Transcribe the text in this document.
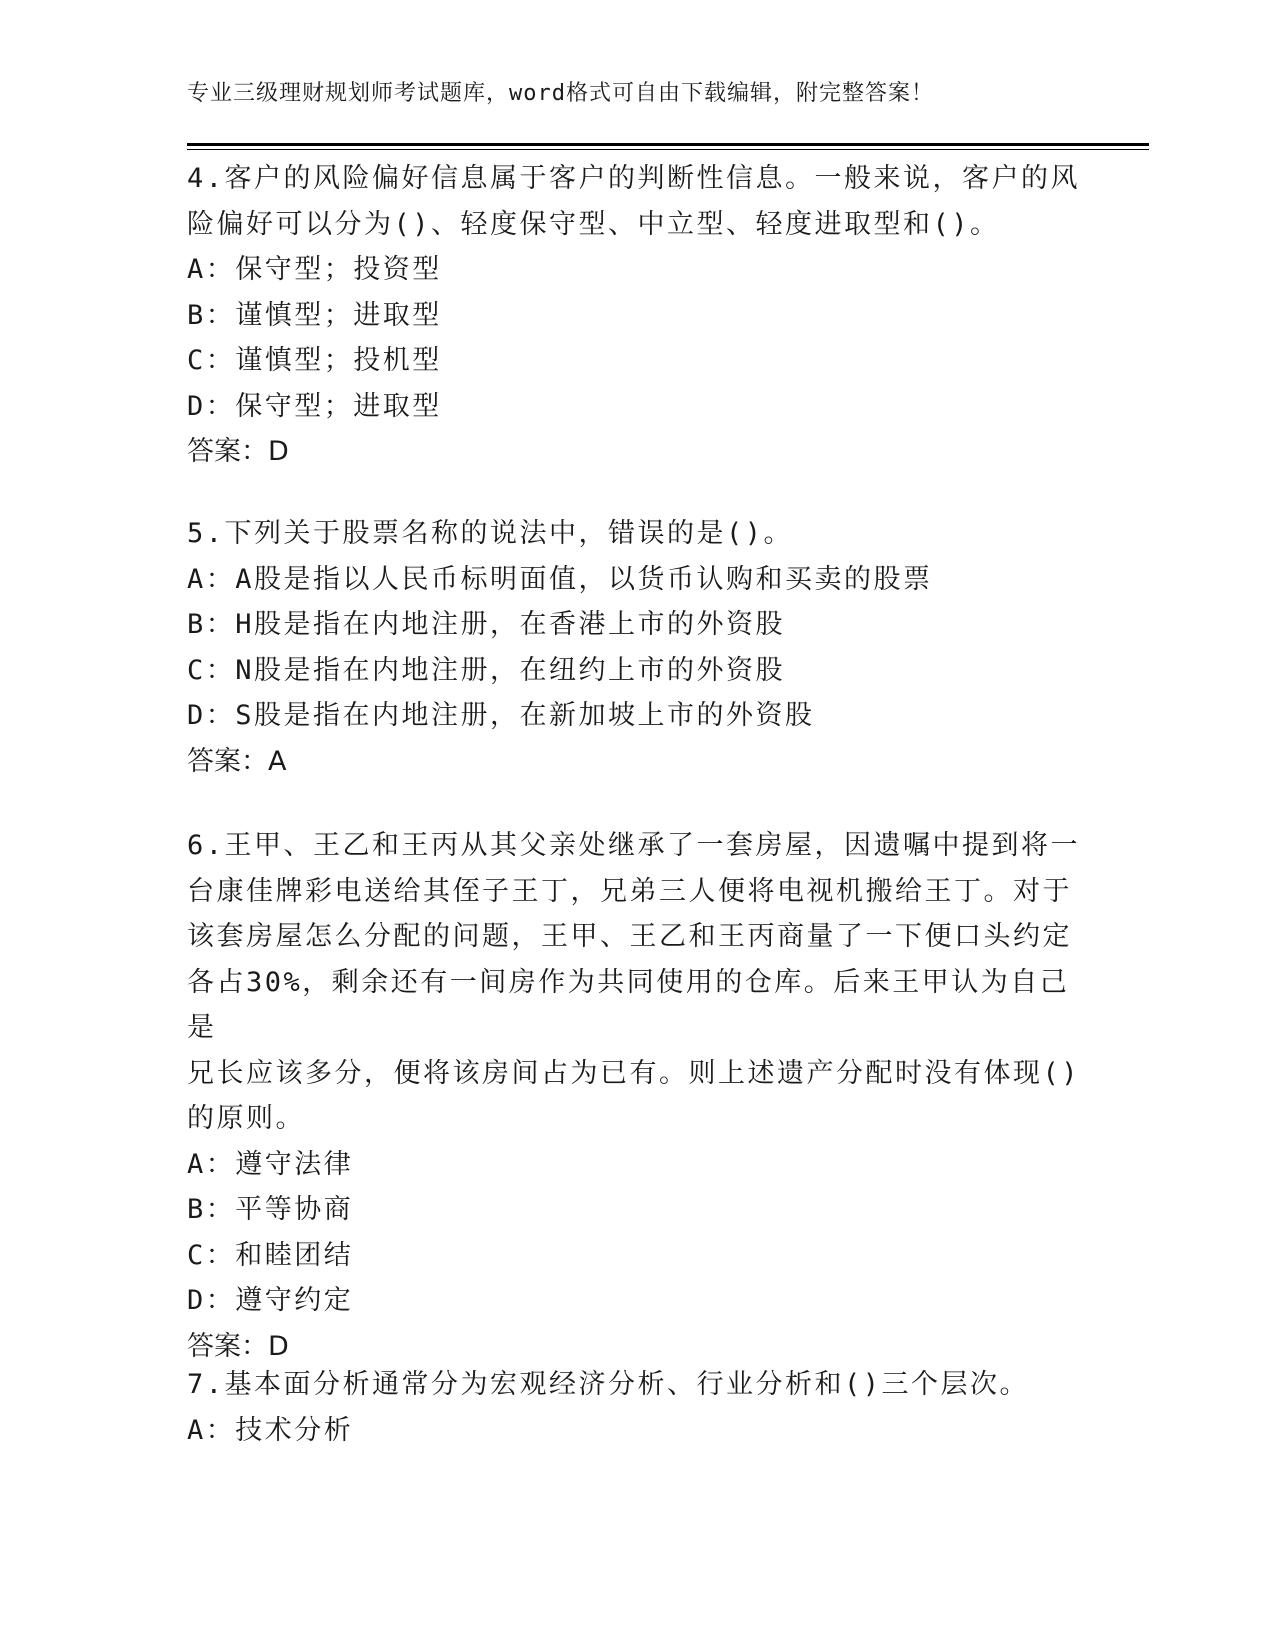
专业三级理财规划师考试题库，word格式可自由下载编辑，附完整答案！

4.客户的风险偏好信息属于客户的判断性信息。一般来说，客户的风
险偏好可以分为()、轻度保守型、中立型、轻度进取型和()。

A：保守型；投资型

B：谨慎型；进取型

C：谨慎型；投机型

D：保守型；进取型

答案：D

5.下列关于股票名称的说法中，错误的是()。

A：A股是指以人民币标明面值，以货币认购和买卖的股票

B：H股是指在内地注册，在香港上市的外资股

C：N股是指在内地注册，在纽约上市的外资股

D：S股是指在内地注册，在新加坡上市的外资股

答案：A

6.王甲、王乙和王丙从其父亲处继承了一套房屋，因遗嘱中提到将一
台康佳牌彩电送给其侄子王丁，兄弟三人便将电视机搬给王丁。对于
该套房屋怎么分配的问题，王甲、王乙和王丙商量了一下便口头约定
各占30%，剩余还有一间房作为共同使用的仓库。后来王甲认为自己是
兄长应该多分，便将该房间占为已有。则上述遗产分配时没有体现()
的原则。

A：遵守法律

B：平等协商

C：和睦团结

D：遵守约定

答案：D

7.基本面分析通常分为宏观经济分析、行业分析和()三个层次。

A：技术分析
